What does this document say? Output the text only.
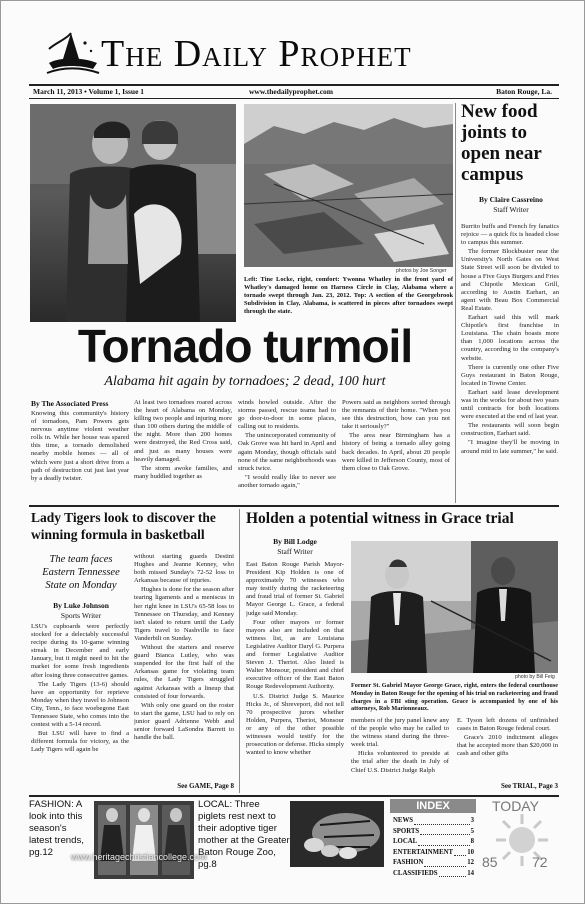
The Daily Prophet
March 11, 2013 • Volume 1, Issue 1	www.thedailyprophet.com	Baton Rouge, La.
photos by Joe Songer
Left: Tine Locke, right, comfort: Ywonna Whatley in the front yard of Whatley's damaged home on Harness Circle in Clay, Alabama where a tornado swept through Jan. 23, 2012. Top: A section of the Georgebrook Subdivision in Clay, Alabama, is scattered in pieces after tornadoes swept through the state.
New food joints to open near campus
By Claire Cassreino
Staff Writer

Burrito buffs and French fry fanatics rejoice — a quick fix is headed close to campus this summer.

The former Blockbuster near the University's North Gates on West State Street will soon be divided to house a Five Guys Burgers and Fries and Chipotle Mexican Grill, according to Austin Earhart, an agent with Beau Box Commercial Real Estate.

Earhart said this will mark Chipotle's first franchise in Louisiana. The chain boasts more than 1,000 locations across the country, according to the company's website.

There is currently one other Five Guys restaurant in Baton Rouge, located in Towne Center.

Earhart said lease development was in the works for about two years until contracts for both locations were executed at the end of last year.

The restaurants will soon begin construction, Earhart said.

"I imagine they'll be moving in around mid to late summer," he said.

Tornado turmoil
Alabama hit again by tornadoes; 2 dead, 100 hurt
By The Associated Press

Knowing this community's history of tornadoes, Pam Powers gets nervous anytime violent weather rolls in. While her house was spared this time, a tornado demolished nearby mobile homes — all of which were just a short drive from a path of destruction cut just last year by a deadly twister.

At least two tornadoes roared across the heart of Alabama on Monday, killing two people and injuring more than 100 others during the middle of the night. More than 200 homes were destroyed, the Red Cross said, and just as many houses were heavily damaged.

The storm awoke families, and many huddled together as

winds howled outside. After the storms passed, rescue teams had to go door-to-door in some places, calling out to residents.

The unincorporated community of Oak Grove was hit hard in April and again Monday, though officials said none of the same neighborhoods was struck twice.

"I would really like to never see another tornado again,"

Powers said as neighbors sorted through the remnants of their home. "When you see this destruction, how can you not take it seriously?"

The area near Birmingham has a history of being a tornado alley going back decades. In April, about 20 people were killed in Jefferson County, most of them close to Oak Grove.

Lady Tigers look to discover the winning formula in basketball
The team faces Eastern Tennessee State on Monday
By Luke Johnson
Sports Writer

LSU's cupboards were perfectly stocked for a delectably successful recipe during its 10-game winning streak in December and early January, but it might need to hit the market for some fresh ingredients after losing three consecutive games.

The Lady Tigers (13-6) should have an opportunity for reprieve Monday when they travel to Johnson City, Tenn., to face woebegone East Tennessee State, who comes into the contest with a 5-14 record.

But LSU will have to find a different formula for victory, as the Lady Tigers will again be

without starting guards Destini Hughes and Jeanne Kenney, who both missed Sunday's 72-52 loss to Arkansas because of injuries.

Hughes is done for the season after tearing ligaments and a meniscus in her right knee in LSU's 65-58 loss to Tennessee on Thursday, and Kenney isn't slated to return until the Lady Tigers travel to Nashville to face Vanderbilt on Sunday.

Without the starters and reserve guard Bianca Lutley, who was suspended for the first half of the Arkansas game for violating team rules, the Lady Tigers struggled against Arkansas with a lineup that consisted of four forwards.

With only one guard on the roster to start the game, LSU had to rely on junior guard Adrienne Webb and senior forward LaSondra Barrett to handle the ball.

See GAME, Page 8
Holden a potential witness in Grace trial
By Bill Lodge
Staff Writer

East Baton Rouge Parish Mayor-President Kip Holden is one of approximately 70 witnesses who may testify during the racketeering and fraud trial of former St. Gabriel Mayor George L. Grace, a federal judge said Monday.

Four other mayors or former mayors also are included on that witness list, as are Louisiana Legislative Auditor Daryl G. Purpera and former Legislative Auditor Steven J. Theriot. Also listed is Walter Monsour, president and chief executive officer of the East Baton Rouge Redevelopment Authority.

U.S. District Judge S. Maurice Hicks Jr., of Shreveport, did not tell 70 prospective jurors whether Holden, Purpera, Theriot, Monsour or any of the other possible witnesses would testify for the prosecution or defense. Hicks simply wanted to know whether

photo by Bill Feig
Former St. Gabriel Mayor George Grace, right, enters the federal courthouse Monday in Baton Rouge for the opening of his trial on racketeering and fraud charges in a FBI sting operation. Grace is accompanied by one of his attorneys, Rob Marionneaux.

members of the jury panel knew any of the people who may be called to the witness stand during the three-week trial.

Hicks volunteered to preside at the trial after the death in July of Chief U.S. District Judge Ralph

E. Tyson left dozens of unfinished cases in Baton Rouge federal court.

Grace's 2010 indictment alleges that he accepted more than $20,000 in cash and other gifts

See TRIAL, Page 3
FASHION: A look into this season's latest trends, pg.12
LOCAL: Three piglets rest next to their adoptive tiger mother at the Greater Baton Rouge Zoo, pg.8
www.heritagechristiancollege.com
INDEX
NEWS	3
SPORTS	5
LOCAL	8
ENTERTAINMENT 10
FASHION	12
CLASSIFIEDS	14
TODAY
85 72
